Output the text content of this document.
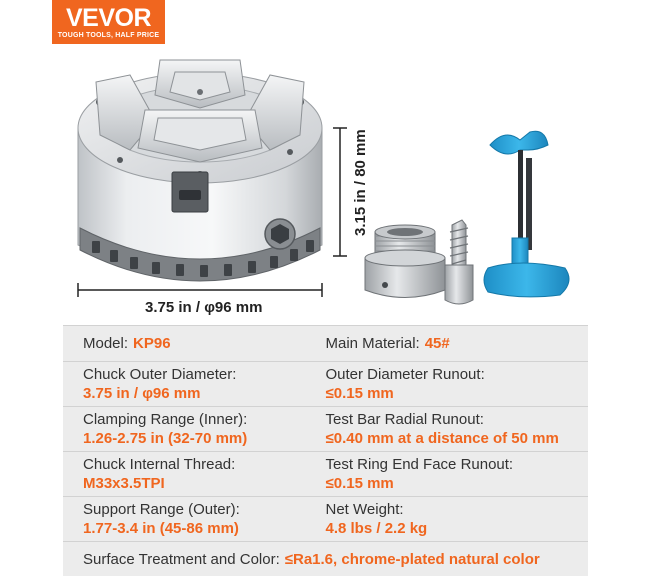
VEVOR
TOUGH TOOLS, HALF PRICE
3.75 in / φ96 mm
3.15 in / 80 mm
Model: KP96	Main Material: 45#
Chuck Outer Diameter:
3.75 in / φ96 mm
Outer Diameter Runout:
≤0.15 mm
Clamping Range (Inner):
1.26-2.75 in (32-70 mm)
Test Bar Radial Runout:
≤0.40 mm at a distance of 50 mm
Chuck Internal Thread:
M33x3.5TPI
Test Ring End Face Runout:
≤0.15 mm
Support Range (Outer):
1.77-3.4 in (45-86 mm)
Net Weight:
4.8 lbs / 2.2 kg
Surface Treatment and Color: ≤Ra1.6, chrome-plated natural color
